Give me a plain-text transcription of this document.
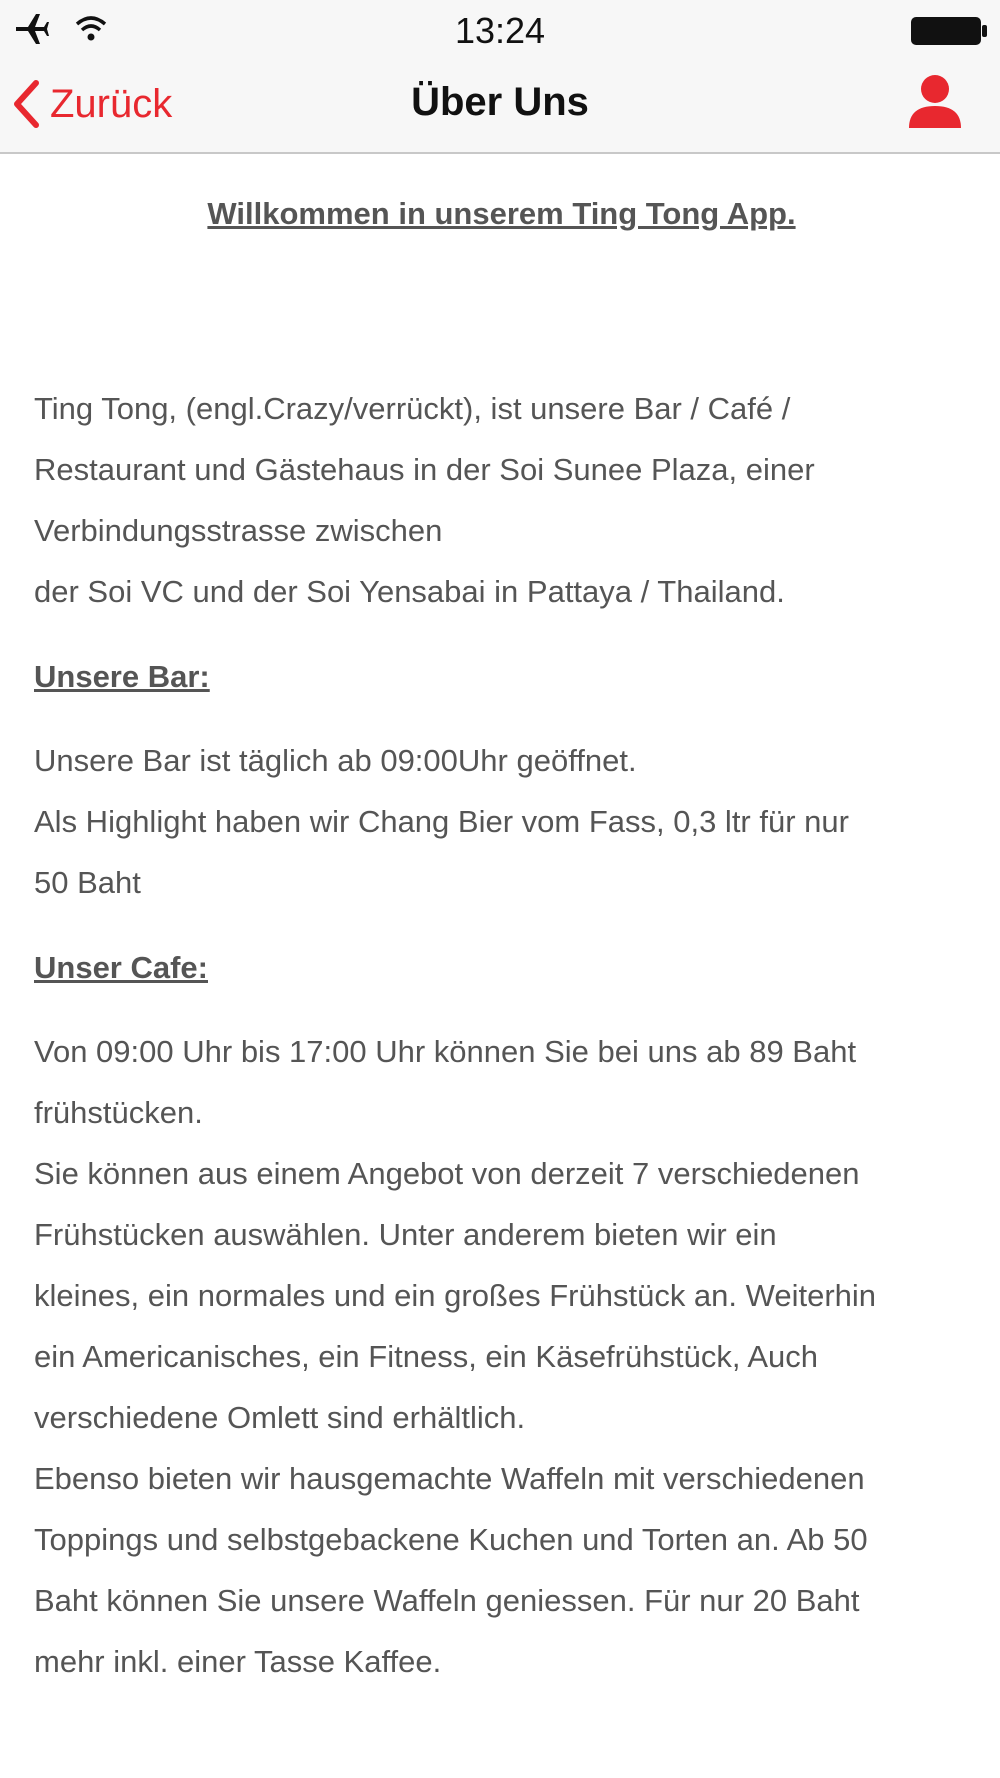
13:24
Zurück	Über Uns
Willkommen in unserem Ting Tong App.
Ting Tong, (engl.Crazy/verrückt), ist unsere Bar / Café /
Restaurant und Gästehaus in der Soi Sunee Plaza, einer
Verbindungsstrasse zwischen
der Soi VC und der Soi Yensabai in Pattaya / Thailand.
Unsere Bar:
Unsere Bar ist täglich ab 09:00Uhr geöffnet.
Als Highlight haben wir Chang Bier vom Fass, 0,3 ltr für nur
50 Baht
Unser Cafe:
Von 09:00 Uhr bis 17:00 Uhr können Sie bei uns ab 89 Baht
frühstücken.
Sie können aus einem Angebot von derzeit 7 verschiedenen
Frühstücken auswählen. Unter anderem bieten wir ein
kleines, ein normales und ein großes Frühstück an. Weiterhin
ein Americanisches, ein Fitness, ein Käsefrühstück, Auch
verschiedene Omlett sind erhältlich.
Ebenso bieten wir hausgemachte Waffeln mit verschiedenen
Toppings und selbstgebackene Kuchen und Torten an. Ab 50
Baht können Sie unsere Waffeln geniessen. Für nur 20 Baht
mehr inkl. einer Tasse Kaffee.
